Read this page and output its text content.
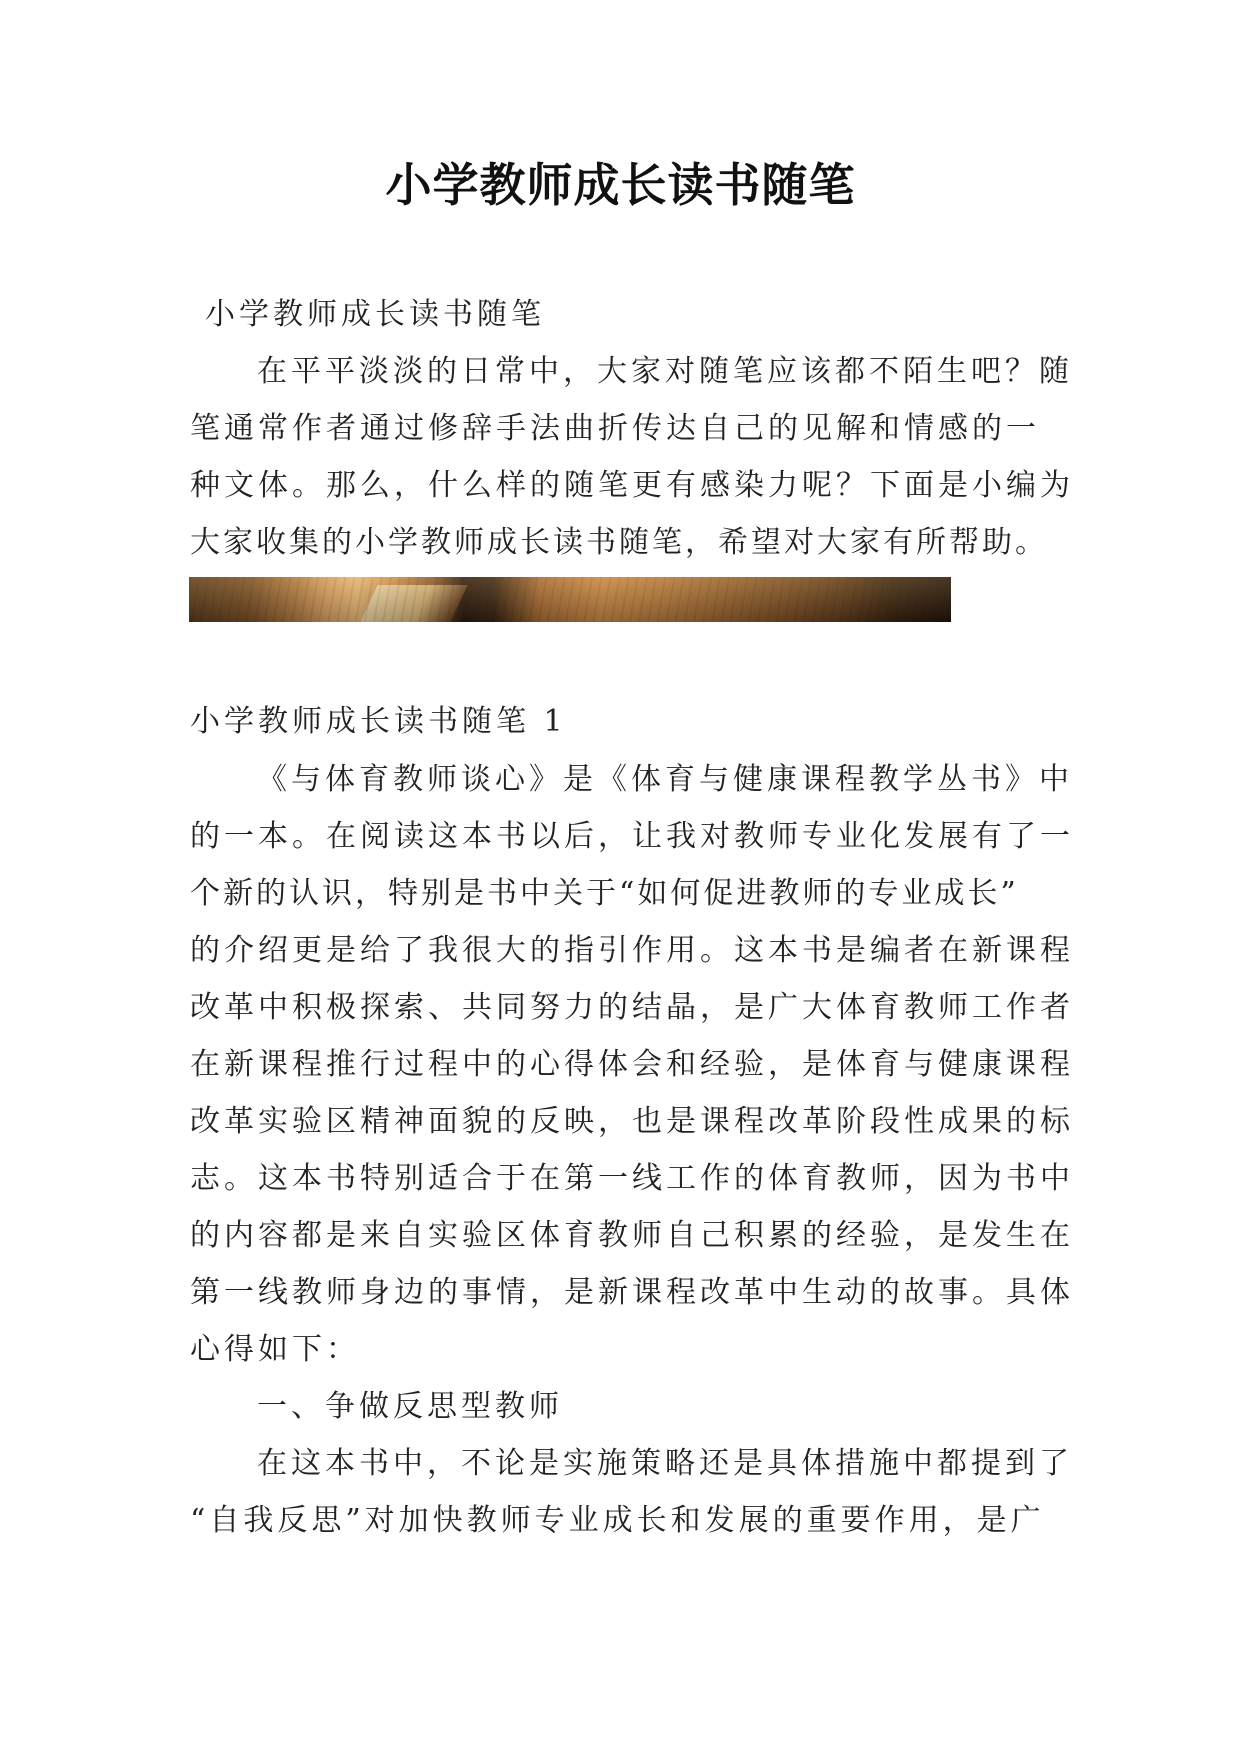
小学教师成长读书随笔
小学教师成长读书随笔
在平平淡淡的日常中，大家对随笔应该都不陌生吧？随
笔通常作者通过修辞手法曲折传达自己的见解和情感的一
种文体。那么，什么样的随笔更有感染力呢？下面是小编为
大家收集的小学教师成长读书随笔，希望对大家有所帮助。
小学教师成长读书随笔 1
《与体育教师谈心》是《体育与健康课程教学丛书》中
的一本。在阅读这本书以后，让我对教师专业化发展有了一
个新的认识，特别是书中关于“如何促进教师的专业成长”
的介绍更是给了我很大的指引作用。这本书是编者在新课程
改革中积极探索、共同努力的结晶，是广大体育教师工作者
在新课程推行过程中的心得体会和经验，是体育与健康课程
改革实验区精神面貌的反映，也是课程改革阶段性成果的标
志。这本书特别适合于在第一线工作的体育教师，因为书中
的内容都是来自实验区体育教师自己积累的经验，是发生在
第一线教师身边的事情，是新课程改革中生动的故事。具体
心得如下：
一、争做反思型教师
在这本书中，不论是实施策略还是具体措施中都提到了
“自我反思”对加快教师专业成长和发展的重要作用，是广
